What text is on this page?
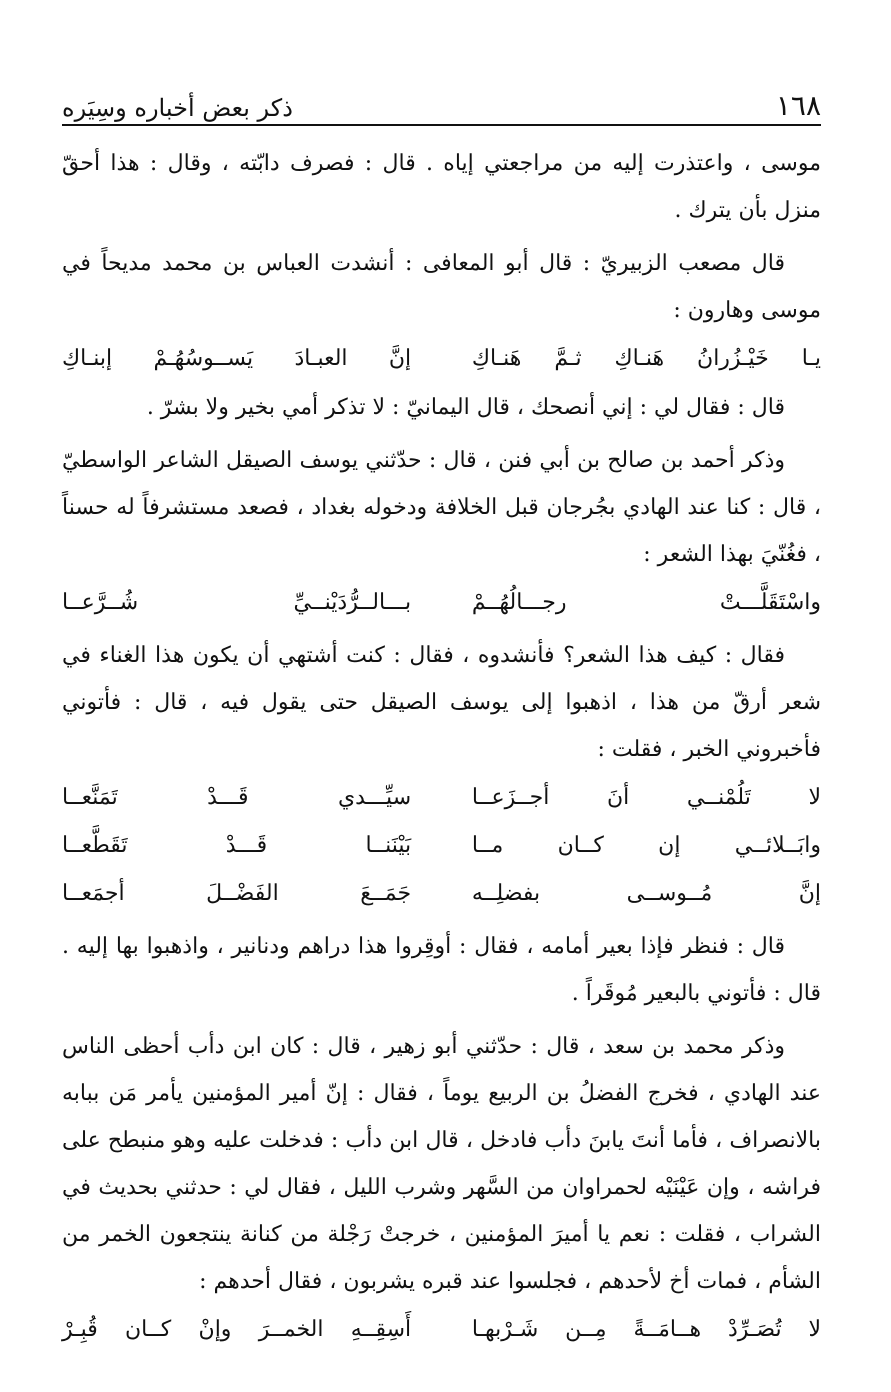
ذكر بعض أخباره وسِيَره	١٦٨

موسى ، واعتذرت إليه من مراجعتي إياه . قال : فصرف دابّته ، وقال : هذا أحقّ منزل بأن يترك .

قال مصعب الزبيريّ : قال أبو المعافى : أنشدت العباس بن محمد مديحاً في موسى وهارون :

يـا خَيْـزُرانُ هَنـاكِ ثـمَّ هَنـاكِ
إنَّ العبـادَ يَســوسُهُـمْ إبنـاكِ

قال : فقال لي : إني أنصحك ، قال اليمانيّ : لا تذكر أمي بخير ولا بشرّ .

وذكر أحمد بن صالح بن أبي فنن ، قال : حدّثني يوسف الصيقل الشاعر الواسطيّ ، قال : كنا عند الهادي بجُرجان قبل الخلافة ودخوله بغداد ، فصعد مستشرفاً له حسناً ، فغُنّيَ بهذا الشعر :

واسْتَقَلَّـــتْ رجـــالُهُــمْ
بـــالــرُّدَيْنــيِّ شُــرَّعــا

فقال : كيف هذا الشعر؟ فأنشدوه ، فقال : كنت أشتهي أن يكون هذا الغناء في شعر أرقّ من هذا ، اذهبوا إلى يوسف الصيقل حتى يقول فيه ، قال : فأتوني فأخبروني الخبر ، فقلت :

لا تَلُمْنــي أنَ أجــزَعــا
سيِّـــدي قَـــدْ تَمَنَّعــا
وابَــلائــي إن كــان مــا
بَيْنَنــا قَـــدْ تَقَطَّعــا
إنَّ مُــوســى بفضلِــه
جَمَــعَ الفَضْــلَ أجمَعــا

قال : فنظر فإذا بعير أمامه ، فقال : أوقِروا هذا دراهم ودنانير ، واذهبوا بها إليه . قال : فأتوني بالبعير مُوقَراً .

وذكر محمد بن سعد ، قال : حدّثني أبو زهير ، قال : كان ابن دأب أحظى الناس عند الهادي ، فخرج الفضلُ بن الربيع يوماً ، فقال : إنّ أمير المؤمنين يأمر مَن ببابه بالانصراف ، فأما أنتَ يابنَ دأب فادخل ، قال ابن دأب : فدخلت عليه وهو منبطح على فراشه ، وإن عَيْنَيْه لحمراوان من السَّهر وشرب الليل ، فقال لي : حدثني بحديث في الشراب ، فقلت : نعم يا أميرَ المؤمنين ، خرجتْ رَجْلة من كنانة ينتجعون الخمر من الشأم ، فمات أخ لأحدهم ، فجلسوا عند قبره يشربون ، فقال أحدهم :

لا تُصَـرِّدْ هــامَــةً مِــن شَـرْبهـا
أَسِقِــهِ الخمــرَ وإنْ كــان قُبِـرْ
